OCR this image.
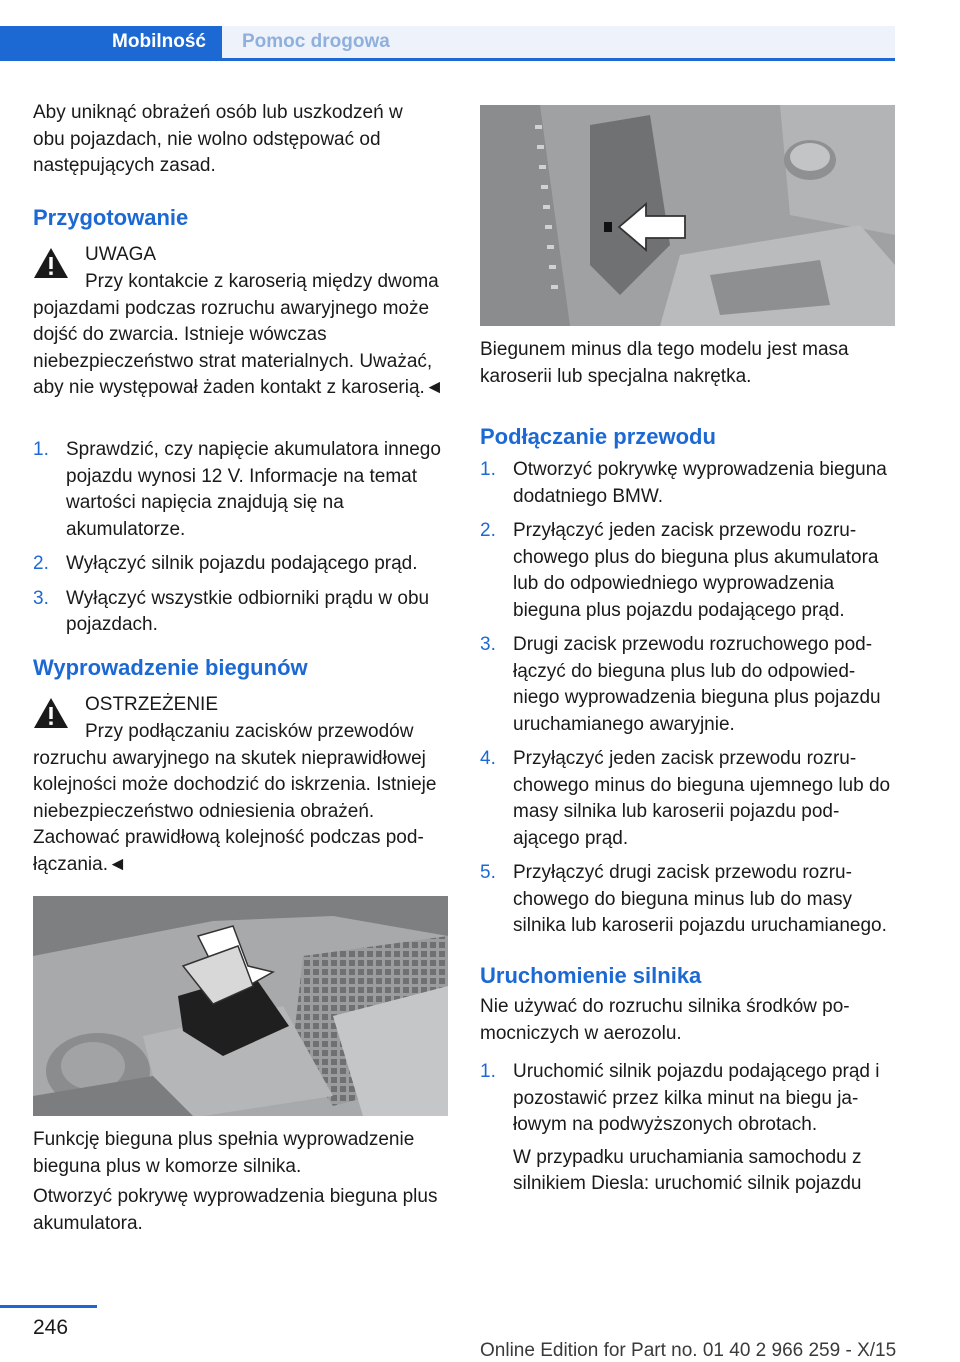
Mobilność	Pomoc drogowa

Aby uniknąć obrażeń osób lub uszkodzeń w obu pojazdach, nie wolno odstępować od następujących zasad.

Przygotowanie
UWAGA

Przy kontakcie z karoserią między dwoma pojazdami podczas rozruchu awaryjnego może dojść do zwarcia. Istnieje wówczas niebezpieczeństwo strat materialnych. Uważać, aby nie występował żaden kontakt z karoserią.◄

1. Sprawdzić, czy napięcie akumulatora innego pojazdu wynosi 12 V. Informacje na temat wartości napięcia znajdują się na akumulatorze.
2. Wyłączyć silnik pojazdu podającego prąd.
3. Wyłączyć wszystkie odbiorniki prądu w obu pojazdach.
Wyprowadzenie biegunów
OSTRZEŻENIE

Przy podłączaniu zacisków przewodów rozruchu awaryjnego na skutek nieprawidłowej kolejności może dochodzić do iskrzenia. Istnieje niebezpieczeństwo odniesienia obrażeń. Zachować prawidłową kolejność podczas podłączania.◄

Funkcję bieguna plus spełnia wyprowadzenie bieguna plus w komorze silnika.

Otworzyć pokrywę wyprowadzenia bieguna plus akumulatora.

Biegunem minus dla tego modelu jest masa karoserii lub specjalna nakrętka.

Podłączanie przewodu
1. Otworzyć pokrywkę wyprowadzenia bieguna dodatniego BMW.
2. Przyłączyć jeden zacisk przewodu rozruchowego plus do bieguna plus akumulatora lub do odpowiedniego wyprowadzenia bieguna plus pojazdu podającego prąd.
3. Drugi zacisk przewodu rozruchowego podłączyć do bieguna plus lub do odpowiedniego wyprowadzenia bieguna plus pojazdu uruchamianego awaryjnie.
4. Przyłączyć jeden zacisk przewodu rozruchowego minus do bieguna ujemnego lub do masy silnika lub karoserii pojazdu podającego prąd.
5. Przyłączyć drugi zacisk przewodu rozruchowego do bieguna minus lub do masy silnika lub karoserii pojazdu uruchamianego.
Uruchomienie silnika

Nie używać do rozruchu silnika środków pomocniczych w aerozolu.

1. Uruchomić silnik pojazdu podającego prąd i pozostawić przez kilka minut na biegu jałowym na podwyższonych obrotach.
W przypadku uruchamiania samochodu z silnikiem Diesla: uruchomić silnik pojazdu
246
Online Edition for Part no. 01 40 2 966 259 - X/15
